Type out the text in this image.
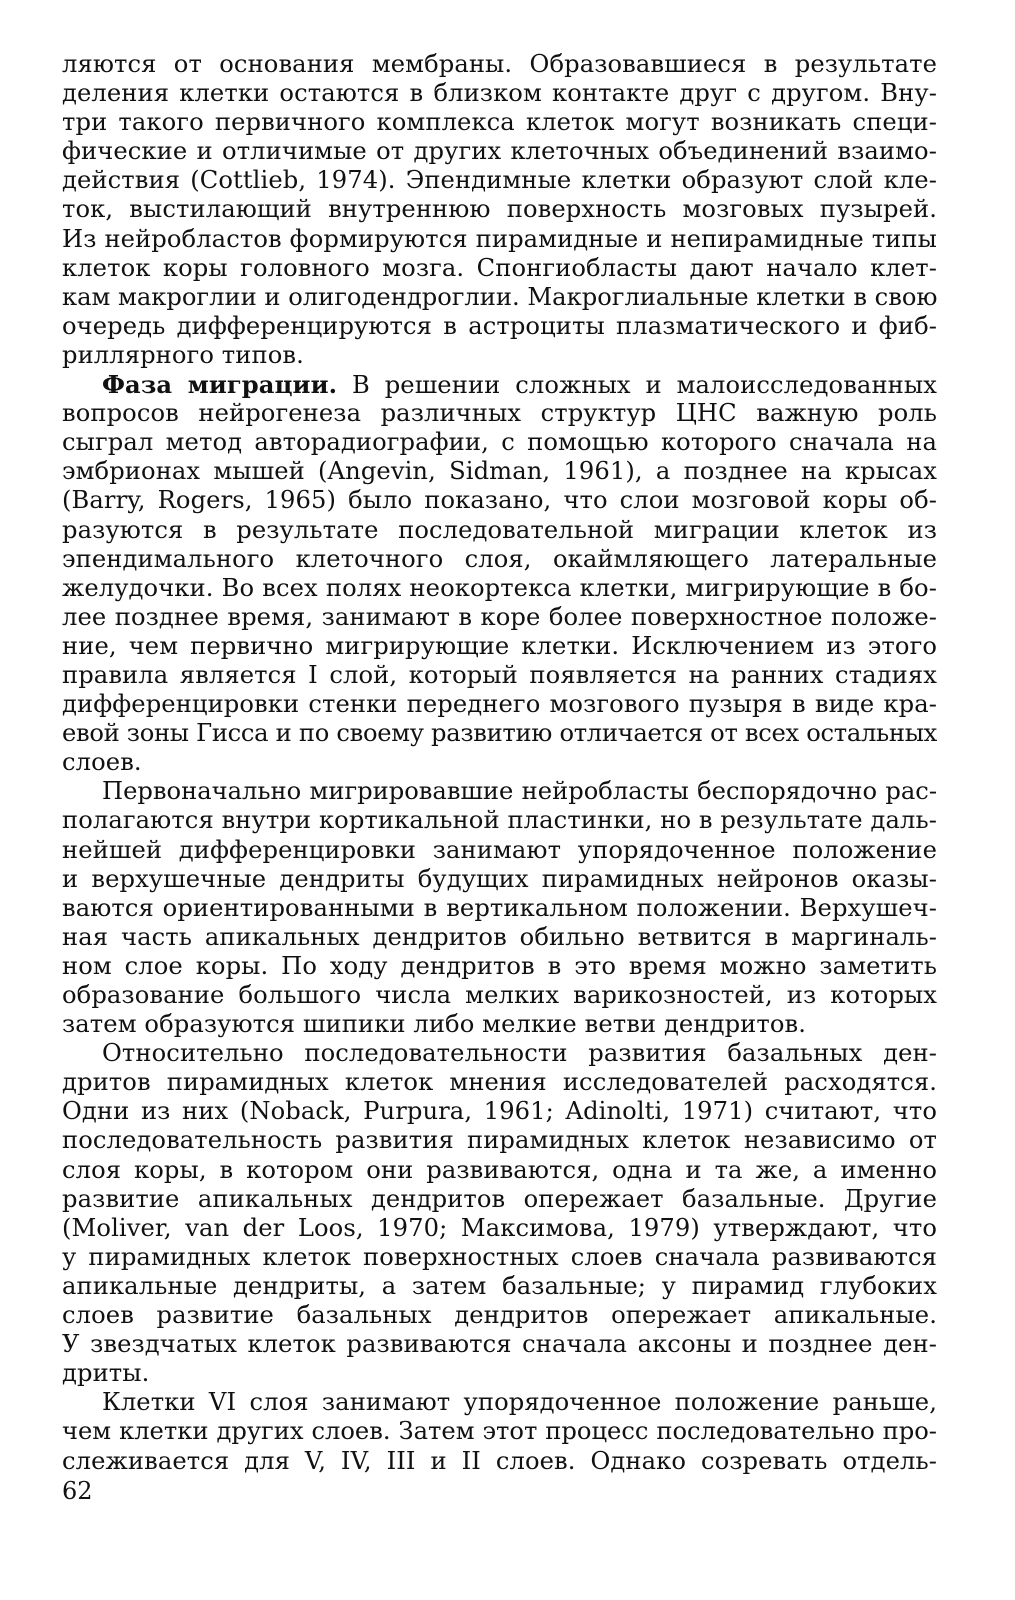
ляются от основания мембраны. Образовавшиеся в результате
деления клетки остаются в близком контакте друг с другом. Вну-
три такого первичного комплекса клеток могут возникать специ-
фические и отличимые от других клеточных объединений взаимо-
действия (Cottlieb, 1974). Эпендимные клетки образуют слой кле-
ток, выстилающий внутреннюю поверхность мозговых пузырей.
Из нейробластов формируются пирамидные и непирамидные типы
клеток коры головного мозга. Спонгиобласты дают начало клет-
кам макроглии и олигодендроглии. Макроглиальные клетки в свою
очередь дифференцируются в астроциты плазматического и фиб-
риллярного типов.
Фаза миграции. В решении сложных и малоисследованных
вопросов нейрогенеза различных структур ЦНС важную роль
сыграл метод авторадиографии, с помощью которого сначала на
эмбрионах мышей (Angevin, Sidman, 1961), а позднее на крысах
(Barry, Rogers, 1965) было показано, что слои мозговой коры об-
разуются в результате последовательной миграции клеток из
эпендимального клеточного слоя, окаймляющего латеральные
желудочки. Во всех полях неокортекса клетки, мигрирующие в бо-
лее позднее время, занимают в коре более поверхностное положе-
ние, чем первично мигрирующие клетки. Исключением из этого
правила является I слой, который появляется на ранних стадиях
дифференцировки стенки переднего мозгового пузыря в виде кра-
евой зоны Гисса и по своему развитию отличается от всех остальных
слоев.
Первоначально мигрировавшие нейробласты беспорядочно рас-
полагаются внутри кортикальной пластинки, но в результате даль-
нейшей дифференцировки занимают упорядоченное положение
и верхушечные дендриты будущих пирамидных нейронов оказы-
ваются ориентированными в вертикальном положении. Верхушеч-
ная часть апикальных дендритов обильно ветвится в маргиналь-
ном слое коры. По ходу дендритов в это время можно заметить
образование большого числа мелких варикозностей, из которых
затем образуются шипики либо мелкие ветви дендритов.
Относительно последовательности развития базальных ден-
дритов пирамидных клеток мнения исследователей расходятся.
Одни из них (Noback, Purpura, 1961; Adinolti, 1971) считают, что
последовательность развития пирамидных клеток независимо от
слоя коры, в котором они развиваются, одна и та же, а именно
развитие апикальных дендритов опережает базальные. Другие
(Moliver, van der Loos, 1970; Максимова, 1979) утверждают, что
у пирамидных клеток поверхностных слоев сначала развиваются
апикальные дендриты, а затем базальные; у пирамид глубоких
слоев развитие базальных дендритов опережает апикальные.
У звездчатых клеток развиваются сначала аксоны и позднее ден-
дриты.
Клетки VI слоя занимают упорядоченное положение раньше,
чем клетки других слоев. Затем этот процесс последовательно про-
слеживается для V, IV, III и II слоев. Однако созревать отдель-
62
